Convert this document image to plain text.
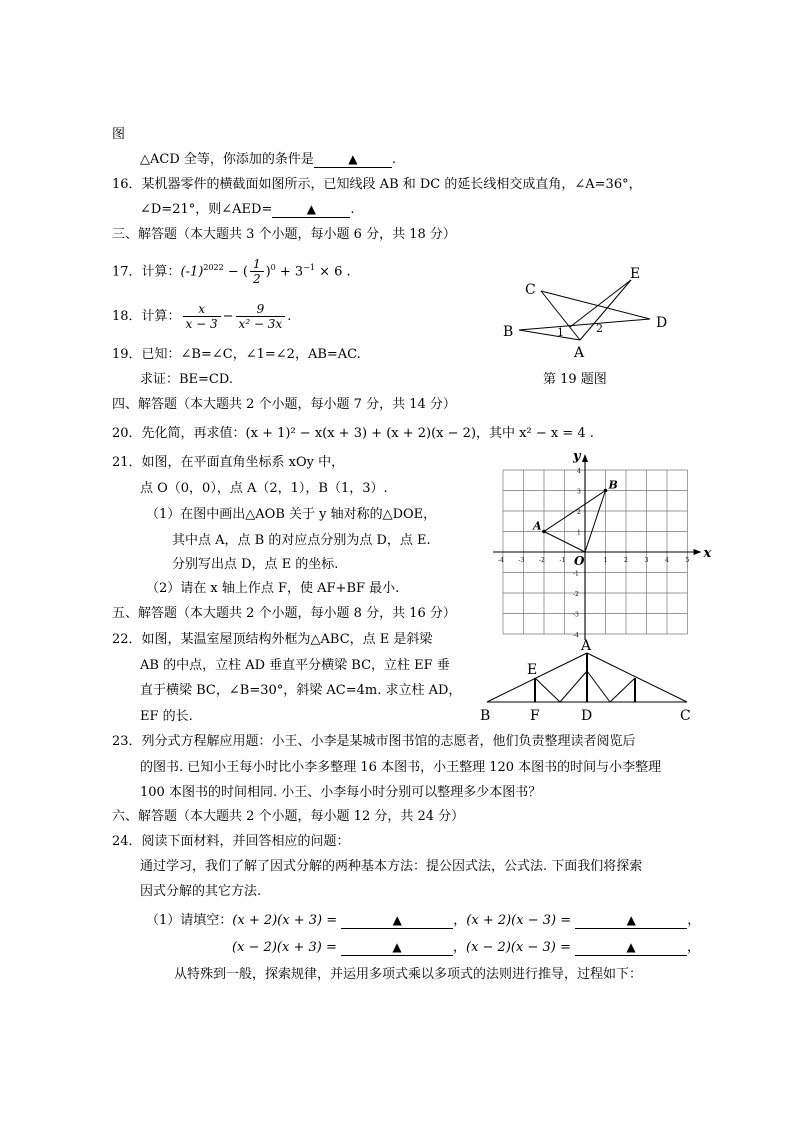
图
△ACD 全等，你添加的条件是	▲	.
16．某机器零件的横截面如图所示，已知线段 AB 和 DC 的延长线相交成直角，∠A=36°，
∠D=21°，则∠AED=	▲	.
三、解答题（本大题共 3 个小题，每小题 6 分，共 18 分）
17．计算：$(-1)^{2022}$ − ( $\frac{1}{2} )^0 + 3^{-1} \times 6$ .
18．计算： $\frac{x}{x - 3} - \frac{9}{\text{x² − 3x}}$ .
19．已知：∠B=∠C，∠1=∠2，AB=AC.
求证：BE=CD.	第 19 题图
四、解答题（本大题共 2 个小题，每小题 7 分，共 14 分）
20．先化简，再求值：(x + 1)² − x(x + 3) + (x + 2)(x − 2)，其中 x² − x = 4 .
21．如图，在平面直角坐标系 xOy 中，
点 O（0，0），点 A（2，1），B（1，3）.
（1）在图中画出△AOB 关于 y 轴对称的△DOE，
其中点 A，点 B 的对应点分别为点 D，点 E.
分别写出点 D，点 E 的坐标.
（2）请在 x 轴上作点 F，使 AF+BF 最小.
五、解答题（本大题共 2 个小题，每小题 8 分，共 16 分）
22．如图，某温室屋顶结构外框为△ABC，点 E 是斜梁
AB 的中点，立柱 AD 垂直平分横梁 BC，立柱 EF 垂
直于横梁 BC，∠B=30°，斜梁 AC=4m. 求立柱 AD，
EF 的长.
23．列分式方程解应用题：小王、小李是某城市图书馆的志愿者，他们负责整理读者阅览后
的图书. 已知小王每小时比小李多整理 16 本图书，小王整理 120 本图书的时间与小李整理
100 本图书的时间相同. 小王、小李每小时分别可以整理多少本图书？
六、解答题（本大题共 2 个小题，每小题 12 分，共 24 分）
24．阅读下面材料，并回答相应的问题：
通过学习，我们了解了因式分解的两种基本方法：提公因式法，公式法. 下面我们将探索
因式分解的其它方法.
（1）请填空：(x + 2)(x + 3) =	▲	，(x + 2)(x − 3) =	▲	，
(x − 2)(x + 3) =	▲	，(x − 2)(x − 3) =	▲	，
从特殊到一般，探索规律，并运用多项式乘以多项式的法则进行推导，过程如下：
C
E
B	1	2	D
A
x
y
O
-4 -3 -2 -1	1	2	3	4	5
4
3
2
1
-1
-2
-3
-4
A
B
A
E
B	F	D	C
